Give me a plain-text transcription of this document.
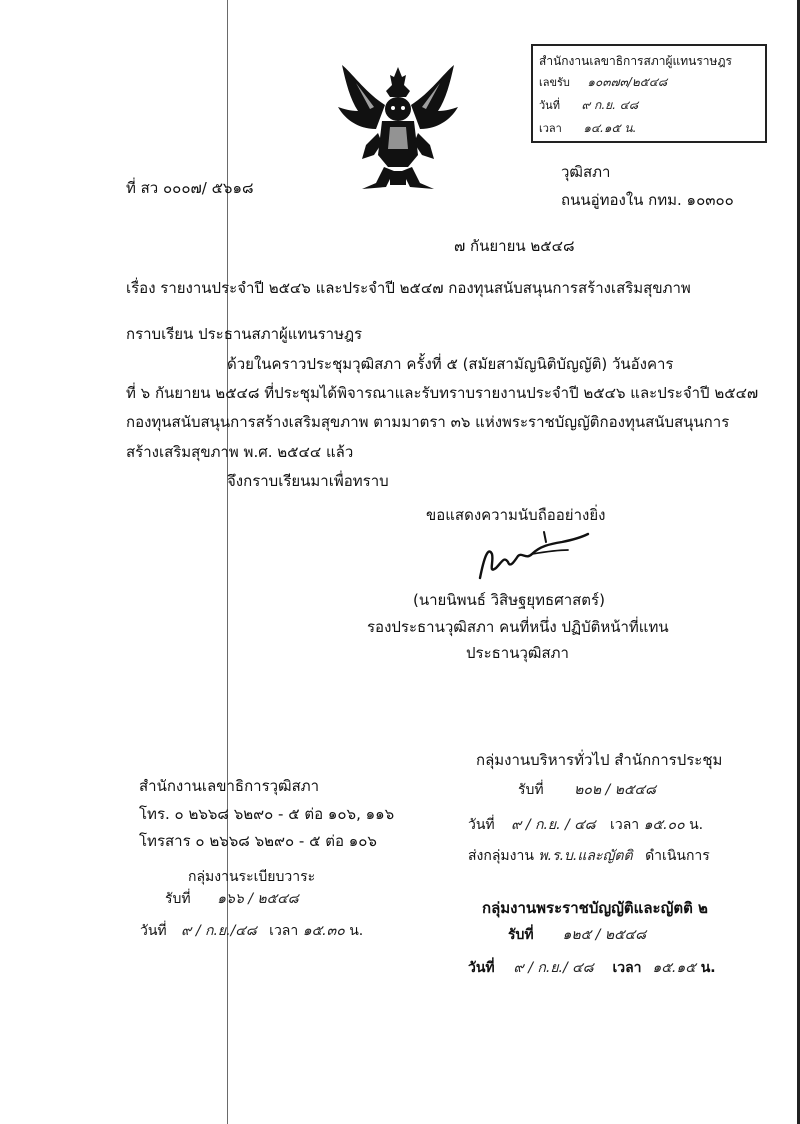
สำนักงานเลขาธิการสภาผู้แทนราษฎร
เลขรับ ๑๐๓๗๓/๒๕๔๘
วันที่ ๙ ก.ย. ๔๘
เวลา ๑๔.๑๕ น.
ที่ สว ๐๐๐๗/ ๕๖๑๘
วุฒิสภา
ถนนอู่ทองใน กทม. ๑๐๓๐๐
๗ กันยายน ๒๕๔๘
เรื่อง รายงานประจำปี ๒๕๔๖ และประจำปี ๒๕๔๗ กองทุนสนับสนุนการสร้างเสริมสุขภาพ
กราบเรียน ประธานสภาผู้แทนราษฎร
ด้วยในคราวประชุมวุฒิสภา ครั้งที่ ๕ (สมัยสามัญนิติบัญญัติ) วันอังคาร
ที่ ๖ กันยายน ๒๕๔๘ ที่ประชุมได้พิจารณาและรับทราบรายงานประจำปี ๒๕๔๖ และประจำปี ๒๕๔๗
กองทุนสนับสนุนการสร้างเสริมสุขภาพ ตามมาตรา ๓๖ แห่งพระราชบัญญัติกองทุนสนับสนุนการ
สร้างเสริมสุขภาพ พ.ศ. ๒๕๔๔ แล้ว
จึงกราบเรียนมาเพื่อทราบ
ขอแสดงความนับถืออย่างยิ่ง
(นายนิพนธ์ วิสิษฐยุทธศาสตร์)
รองประธานวุฒิสภา คนที่หนึ่ง ปฏิบัติหน้าที่แทน
ประธานวุฒิสภา
สำนักงานเลขาธิการวุฒิสภา
โทร. ๐ ๒๖๖๘ ๖๒๙๐ - ๕ ต่อ ๑๐๖, ๑๑๖
โทรสาร ๐ ๒๖๖๘ ๖๒๙๐ - ๕ ต่อ ๑๐๖
กลุ่มงานระเบียบวาระ
รับที่ ๑๖๖ / ๒๕๔๘
วันที่ ๙ / ก.ย./๔๘ เวลา ๑๕.๓๐ น.
กลุ่มงานบริหารทั่วไป สำนักการประชุม
รับที่ ๒๐๒ / ๒๕๔๘
วันที่ ๙ / ก.ย. / ๔๘ เวลา ๑๕.๐๐ น.
ส่งกลุ่มงาน พ.ร.บ.และญัตติ ดำเนินการ
กลุ่มงานพระราชบัญญัติและญัตติ ๒
รับที่ ๑๒๕ / ๒๕๔๘
วันที่ ๙ / ก.ย./ ๔๘ เวลา ๑๕.๑๕ น.
